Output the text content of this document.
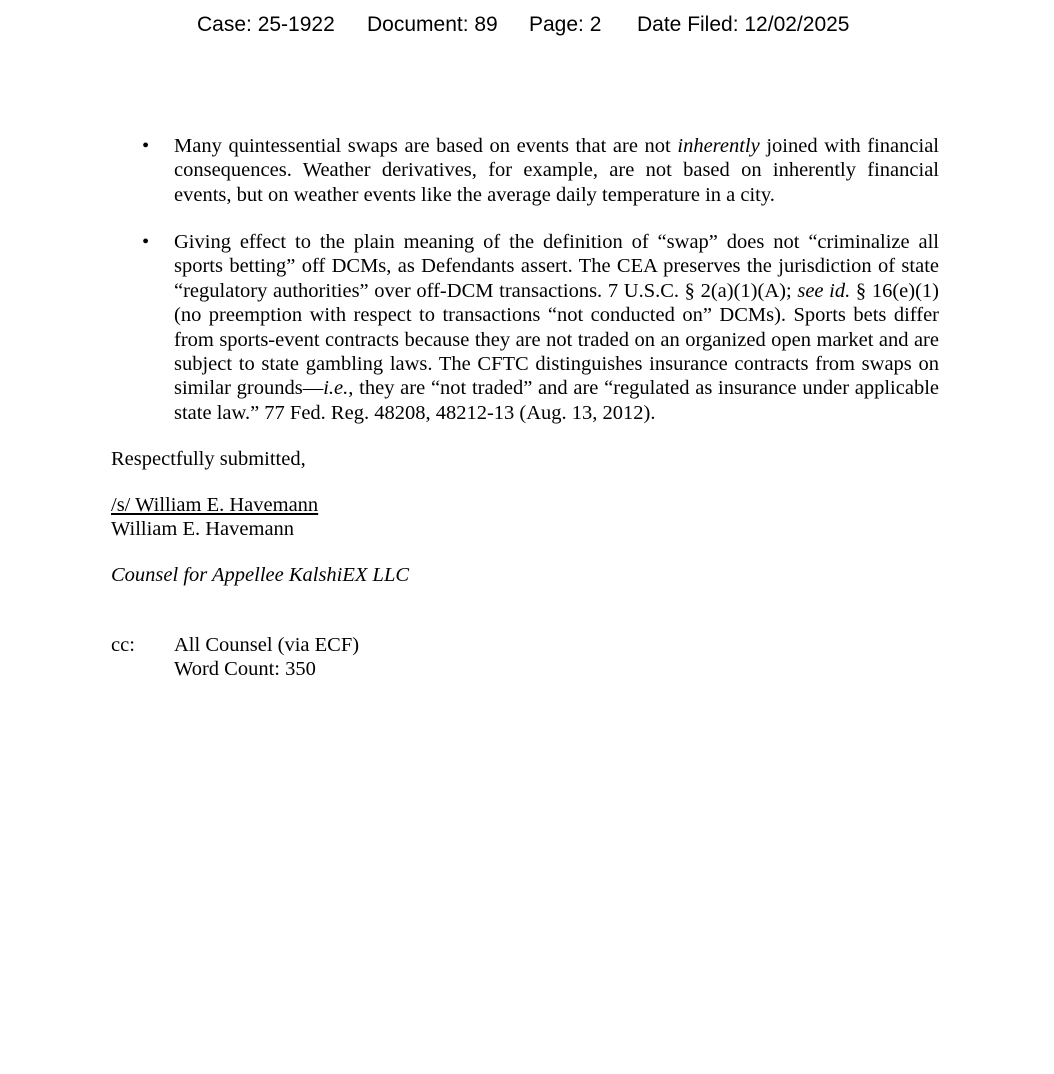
Case: 25-1922 Document: 89 Page: 2 Date Filed: 12/02/2025
• Many quintessential swaps are based on events that are not inherently joined with financial consequences. Weather derivatives, for example, are not based on inherently financial events, but on weather events like the average daily temperature in a city.
• Giving effect to the plain meaning of the definition of “swap” does not “criminalize all sports betting” off DCMs, as Defendants assert. The CEA preserves the jurisdiction of state “regulatory authorities” over off-DCM transactions. 7 U.S.C. § 2(a)(1)(A); see id. § 16(e)(1) (no preemption with respect to transactions “not conducted on” DCMs). Sports bets differ from sports-event contracts because they are not traded on an organized open market and are subject to state gambling laws. The CFTC distinguishes insurance contracts from swaps on similar grounds—i.e., they are “not traded” and are “regulated as insurance under applicable state law.” 77 Fed. Reg. 48208, 48212-13 (Aug. 13, 2012).
Respectfully submitted,
/s/ William E. Havemann
William E. Havemann
Counsel for Appellee KalshiEX LLC
cc: All Counsel (via ECF)
Word Count: 350
